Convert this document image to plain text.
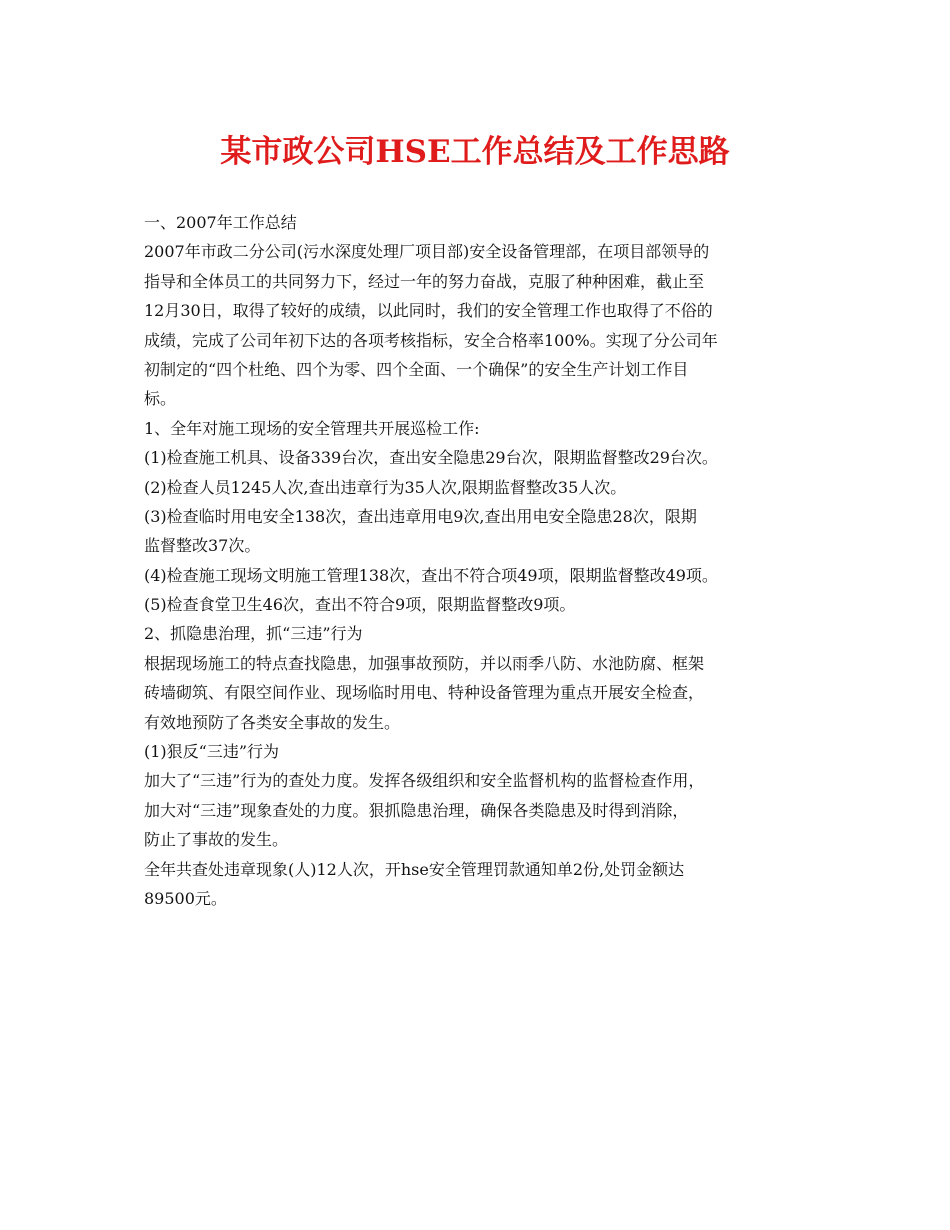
某市政公司HSE工作总结及工作思路

一、2007年工作总结

2007年市政二分公司(污水深度处理厂项目部)安全设备管理部，在项目部领导的

指导和全体员工的共同努力下，经过一年的努力奋战，克服了种种困难，截止至

12月30日，取得了较好的成绩，以此同时，我们的安全管理工作也取得了不俗的

成绩，完成了公司年初下达的各项考核指标，安全合格率100%。实现了分公司年

初制定的“四个杜绝、四个为零、四个全面、一个确保”的安全生产计划工作目

标。

1、全年对施工现场的安全管理共开展巡检工作:

(1)检查施工机具、设备339台次，查出安全隐患29台次，限期监督整改29台次。

(2)检查人员1245人次,查出违章行为35人次,限期监督整改35人次。

(3)检查临时用电安全138次，查出违章用电9次,查出用电安全隐患28次，限期

监督整改37次。

(4)检查施工现场文明施工管理138次，查出不符合项49项，限期监督整改49项。

(5)检查食堂卫生46次，查出不符合9项，限期监督整改9项。

2、抓隐患治理，抓“三违”行为

根据现场施工的特点查找隐患，加强事故预防，并以雨季八防、水池防腐、框架

砖墙砌筑、有限空间作业、现场临时用电、特种设备管理为重点开展安全检查，

有效地预防了各类安全事故的发生。

(1)狠反“三违”行为

加大了“三违”行为的查处力度。发挥各级组织和安全监督机构的监督检查作用，

加大对“三违”现象查处的力度。狠抓隐患治理，确保各类隐患及时得到消除，

防止了事故的发生。

全年共查处违章现象(人)12人次，开hse安全管理罚款通知单2份,处罚金额达

89500元。
